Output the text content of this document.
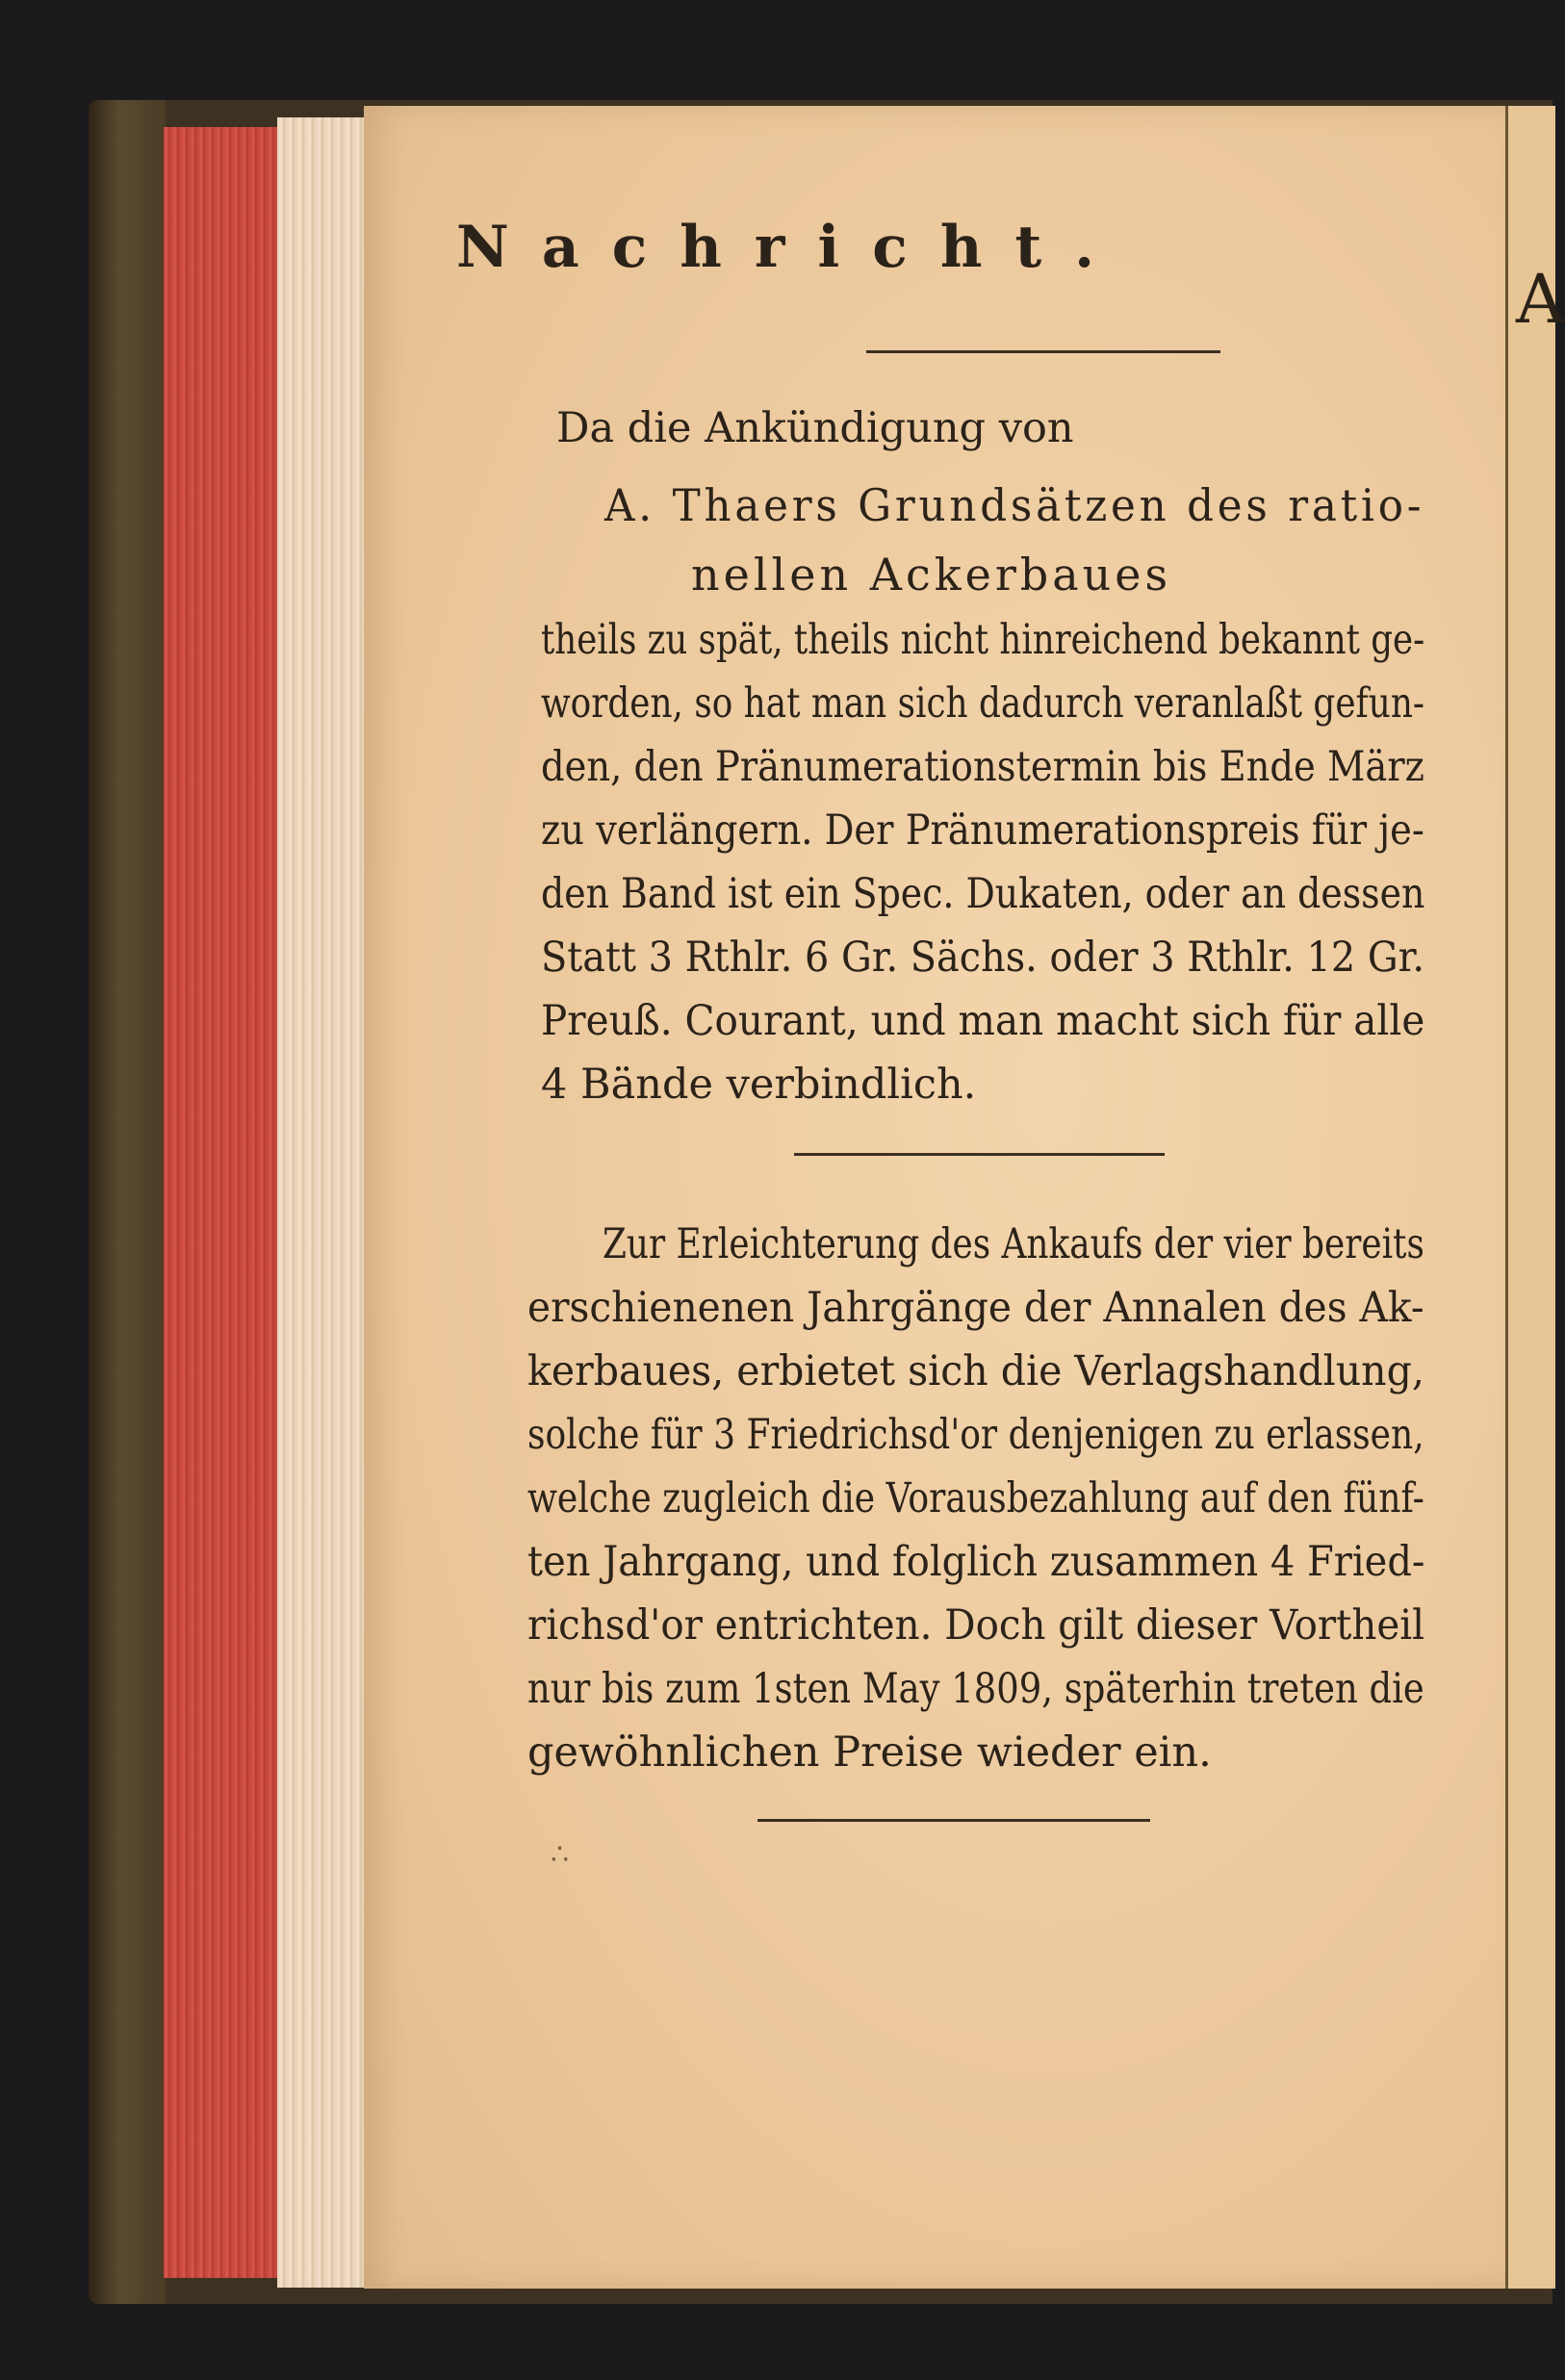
A
Nachricht.
Da die Ankündigung von
A. Thaers Grundsätzen des ratio-
nellen Ackerbaues
theils zu spät, theils nicht hinreichend bekannt ge-
worden, so hat man sich dadurch veranlaßt gefun-
den, den Pränumerationstermin bis Ende März
zu verlängern. Der Pränumerationspreis für je-
den Band ist ein Spec. Dukaten, oder an dessen
Statt 3 Rthlr. 6 Gr. Sächs. oder 3 Rthlr. 12 Gr.
Preuß. Courant, und man macht sich für alle
4 Bände verbindlich.
Zur Erleichterung des Ankaufs der vier bereits
erschienenen Jahrgänge der Annalen des Ak-
kerbaues, erbietet sich die Verlagshandlung,
solche für 3 Friedrichsd'or denjenigen zu erlassen,
welche zugleich die Vorausbezahlung auf den fünf-
ten Jahrgang, und folglich zusammen 4 Fried-
richsd'or entrichten. Doch gilt dieser Vortheil
nur bis zum 1sten May 1809, späterhin treten die
gewöhnlichen Preise wieder ein.
∴
